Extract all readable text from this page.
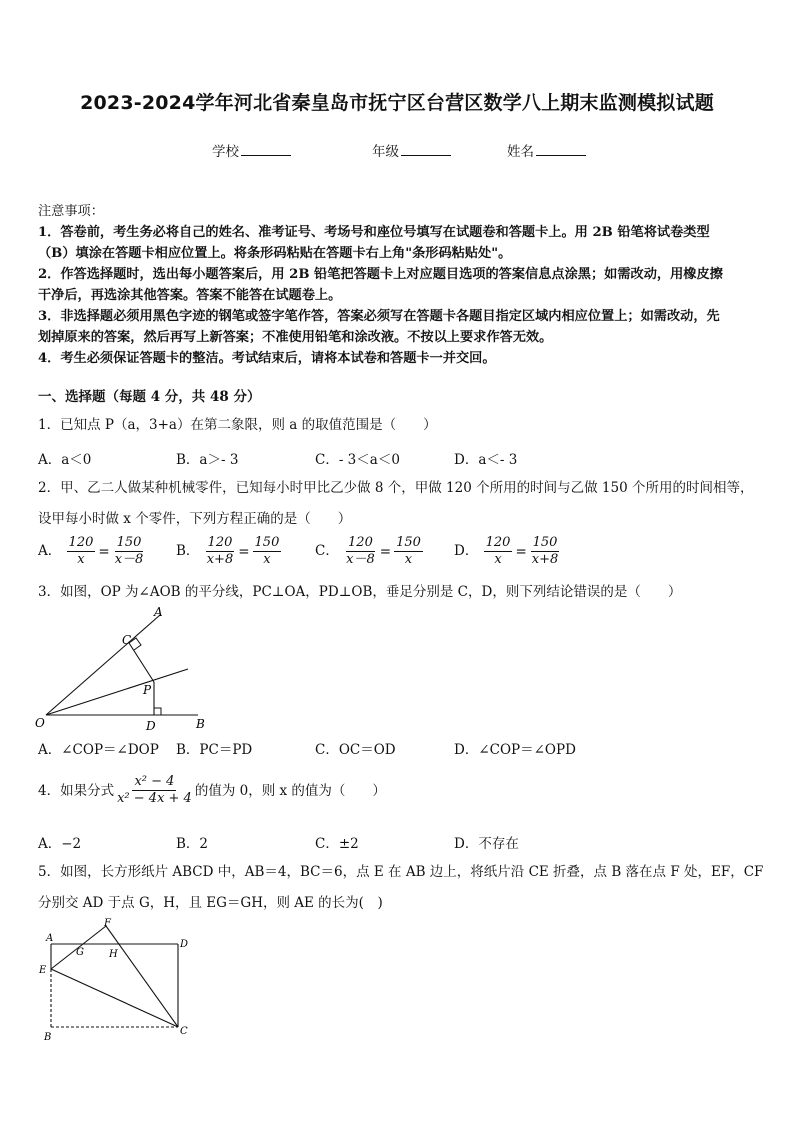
2023-2024学年河北省秦皇岛市抚宁区台营区数学八上期末监测模拟试题
学校	年级	姓名
注意事项：
1．答卷前，考生务必将自己的姓名、准考证号、考场号和座位号填写在试题卷和答题卡上。用 2B 铅笔将试卷类型
（B）填涂在答题卡相应位置上。将条形码粘贴在答题卡右上角"条形码粘贴处"。
2．作答选择题时，选出每小题答案后，用 2B 铅笔把答题卡上对应题目选项的答案信息点涂黑；如需改动，用橡皮擦
干净后，再选涂其他答案。答案不能答在试题卷上。
3．非选择题必须用黑色字迹的钢笔或签字笔作答，答案必须写在答题卡各题目指定区域内相应位置上；如需改动，先
划掉原来的答案，然后再写上新答案；不准使用铅笔和涂改液。不按以上要求作答无效。
4．考生必须保证答题卡的整洁。考试结束后，请将本试卷和答题卡一并交回。
一、选择题（每题 4 分，共 48 分）
1．已知点 P（a，3+a）在第二象限，则 a 的取值范围是（　　）
A．a＜0	B．a＞- 3	C．- 3＜a＜0	D．a＜- 3
2．甲、乙二人做某种机械零件，已知每小时甲比乙少做 8 个，甲做 120 个所用的时间与乙做 150 个所用的时间相等，
设甲每小时做 x 个零件，下列方程正确的是（　　）
A． $\frac{120}{x} = \frac{150}{x-8}$ B． $\frac{120}{x+8} = \frac{150}{x}$ C． $\frac{120}{x-8} = \frac{150}{x}$ D． $\frac{120}{x} = \frac{150}{x+8}$
3．如图，OP 为∠AOB 的平分线，PC⊥OA，PD⊥OB，垂足分别是 C，D，则下列结论错误的是（　　）
A
B
C
D
O
P
A．∠COP＝∠DOP B．PC＝PD	C．OC＝OD	D．∠COP＝∠OPD
4．如果分式 $\frac{\text{x² − 4}}{\text{x² − 4x + 4}}$ 的值为 0，则 x 的值为（　　）
A．−2	B．2	C．±2	D．不存在
5．如图，长方形纸片 ABCD 中，AB＝4，BC＝6，点 E 在 AB 边上，将纸片沿 CE 折叠，点 B 落在点 F 处，EF，CF
分别交 AD 于点 G，H，且 EG＝GH，则 AE 的长为(　)
A
D
C
B
E
F
G	H
